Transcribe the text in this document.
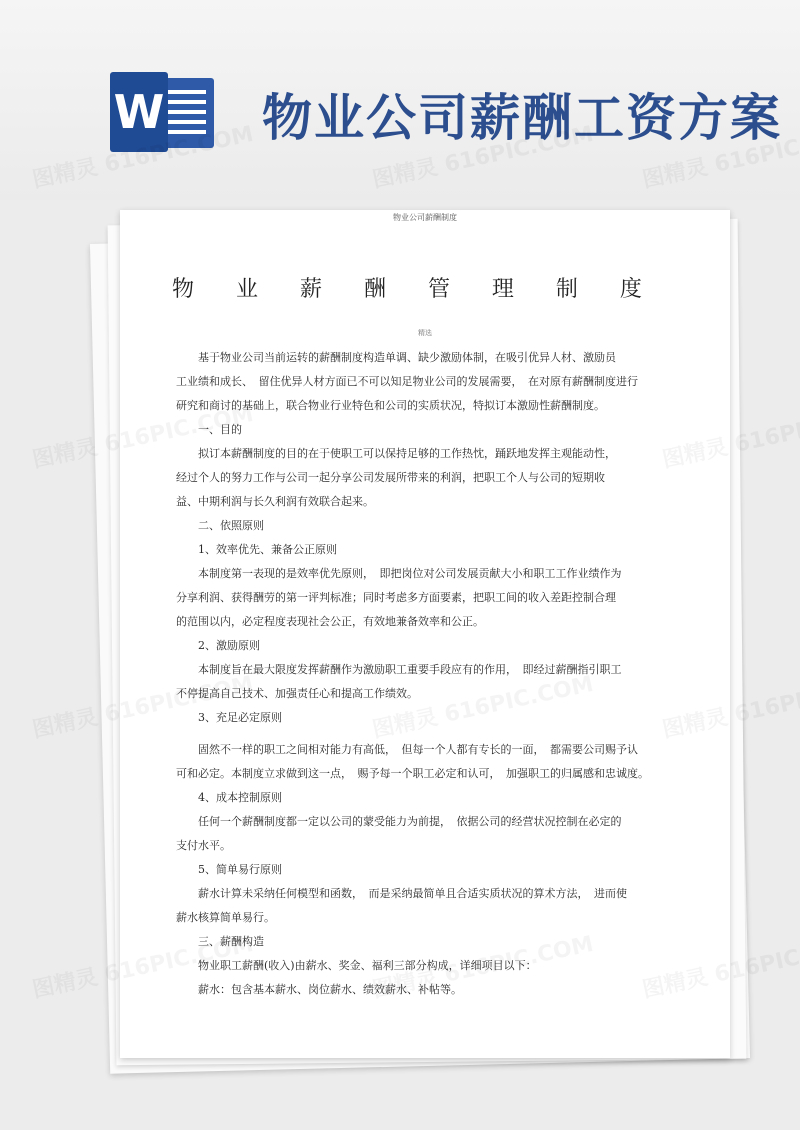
W 物业公司薪酬工资方案
物业公司薪酬制度
物 业 薪 酬 管 理 制 度
精选

基于物业公司当前运转的薪酬制度构造单调、缺少激励体制，在吸引优异人材、激励员

工业绩和成长、　留住优异人材方面已不可以知足物业公司的发展需要，　在对原有薪酬制度进行

研究和商讨的基础上，联合物业行业特色和公司的实质状况，特拟订本激励性薪酬制度。

一、目的

拟订本薪酬制度的目的在于使职工可以保持足够的工作热忱，踊跃地发挥主观能动性，

经过个人的努力工作与公司一起分享公司发展所带来的利润，把职工个人与公司的短期收

益、中期利润与长久利润有效联合起来。

二、依照原则

1、效率优先、兼备公正原则

本制度第一表现的是效率优先原则，　即把岗位对公司发展贡献大小和职工工作业绩作为

分享利润、获得酬劳的第一评判标准；同时考虑多方面要素，把职工间的收入差距控制合理

的范围以内，必定程度表现社会公正，有效地兼备效率和公正。

2、激励原则

本制度旨在最大限度发挥薪酬作为激励职工重要手段应有的作用，　即经过薪酬指引职工

不停提高自己技术、加强责任心和提高工作绩效。

3、充足必定原则

固然不一样的职工之间相对能力有高低，　但每一个人都有专长的一面，　都需要公司赐予认

可和必定。本制度立求做到这一点，　赐予每一个职工必定和认可，　加强职工的归属感和忠诚度。

4、成本控制原则

任何一个薪酬制度都一定以公司的蒙受能力为前提，　依据公司的经营状况控制在必定的

支付水平。

5、简单易行原则

薪水计算未采纳任何模型和函数，　而是采纳最简单且合适实质状况的算术方法，　进而使

薪水核算简单易行。

三、薪酬构造

物业职工薪酬(收入)由薪水、奖金、福利三部分构成，详细项目以下：

薪水：包含基本薪水、岗位薪水、绩效薪水、补帖等。
